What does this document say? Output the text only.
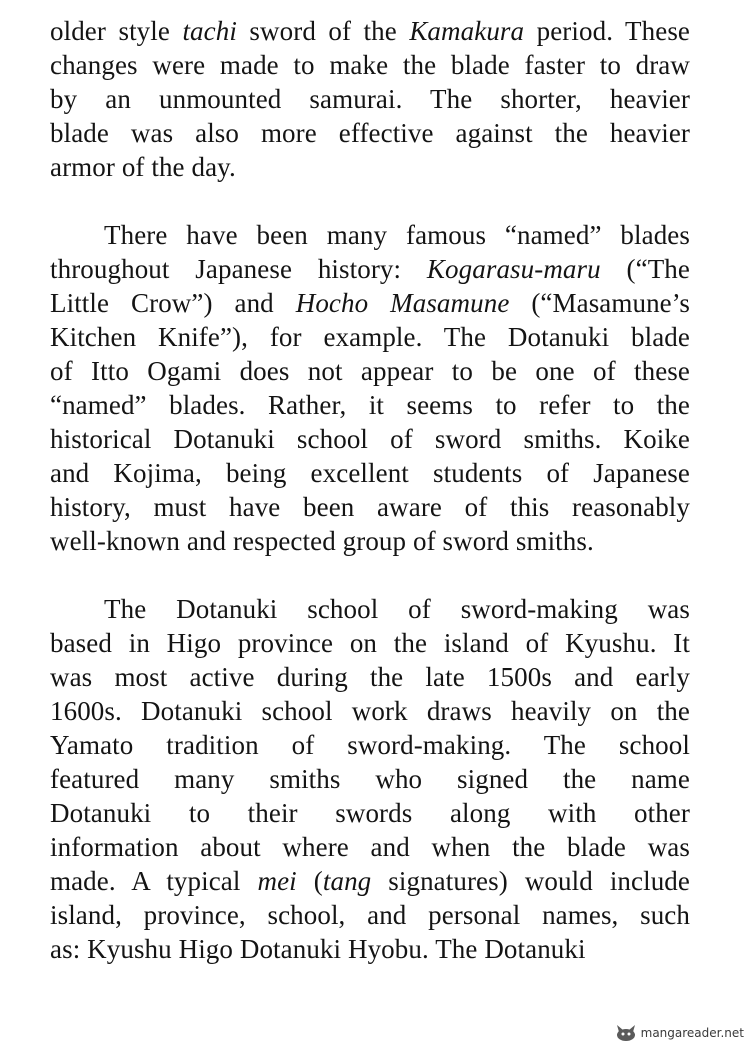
older style tachi sword of the Kamakura period. These
changes were made to make the blade faster to draw
by an unmounted samurai. The shorter, heavier
blade was also more effective against the heavier
armor of the day.
There have been many famous “named” blades
throughout Japanese history: Kogarasu-maru (“The
Little Crow”) and Hocho Masamune (“Masamune’s
Kitchen Knife”), for example. The Dotanuki blade
of Itto Ogami does not appear to be one of these
“named” blades. Rather, it seems to refer to the
historical Dotanuki school of sword smiths. Koike
and Kojima, being excellent students of Japanese
history, must have been aware of this reasonably
well-known and respected group of sword smiths.
The Dotanuki school of sword-making was
based in Higo province on the island of Kyushu. It
was most active during the late 1500s and early
1600s. Dotanuki school work draws heavily on the
Yamato tradition of sword-making. The school
featured many smiths who signed the name
Dotanuki to their swords along with other
information about where and when the blade was
made. A typical mei (tang signatures) would include
island, province, school, and personal names, such
as: Kyushu Higo Dotanuki Hyobu. The Dotanuki
mangareader.net
